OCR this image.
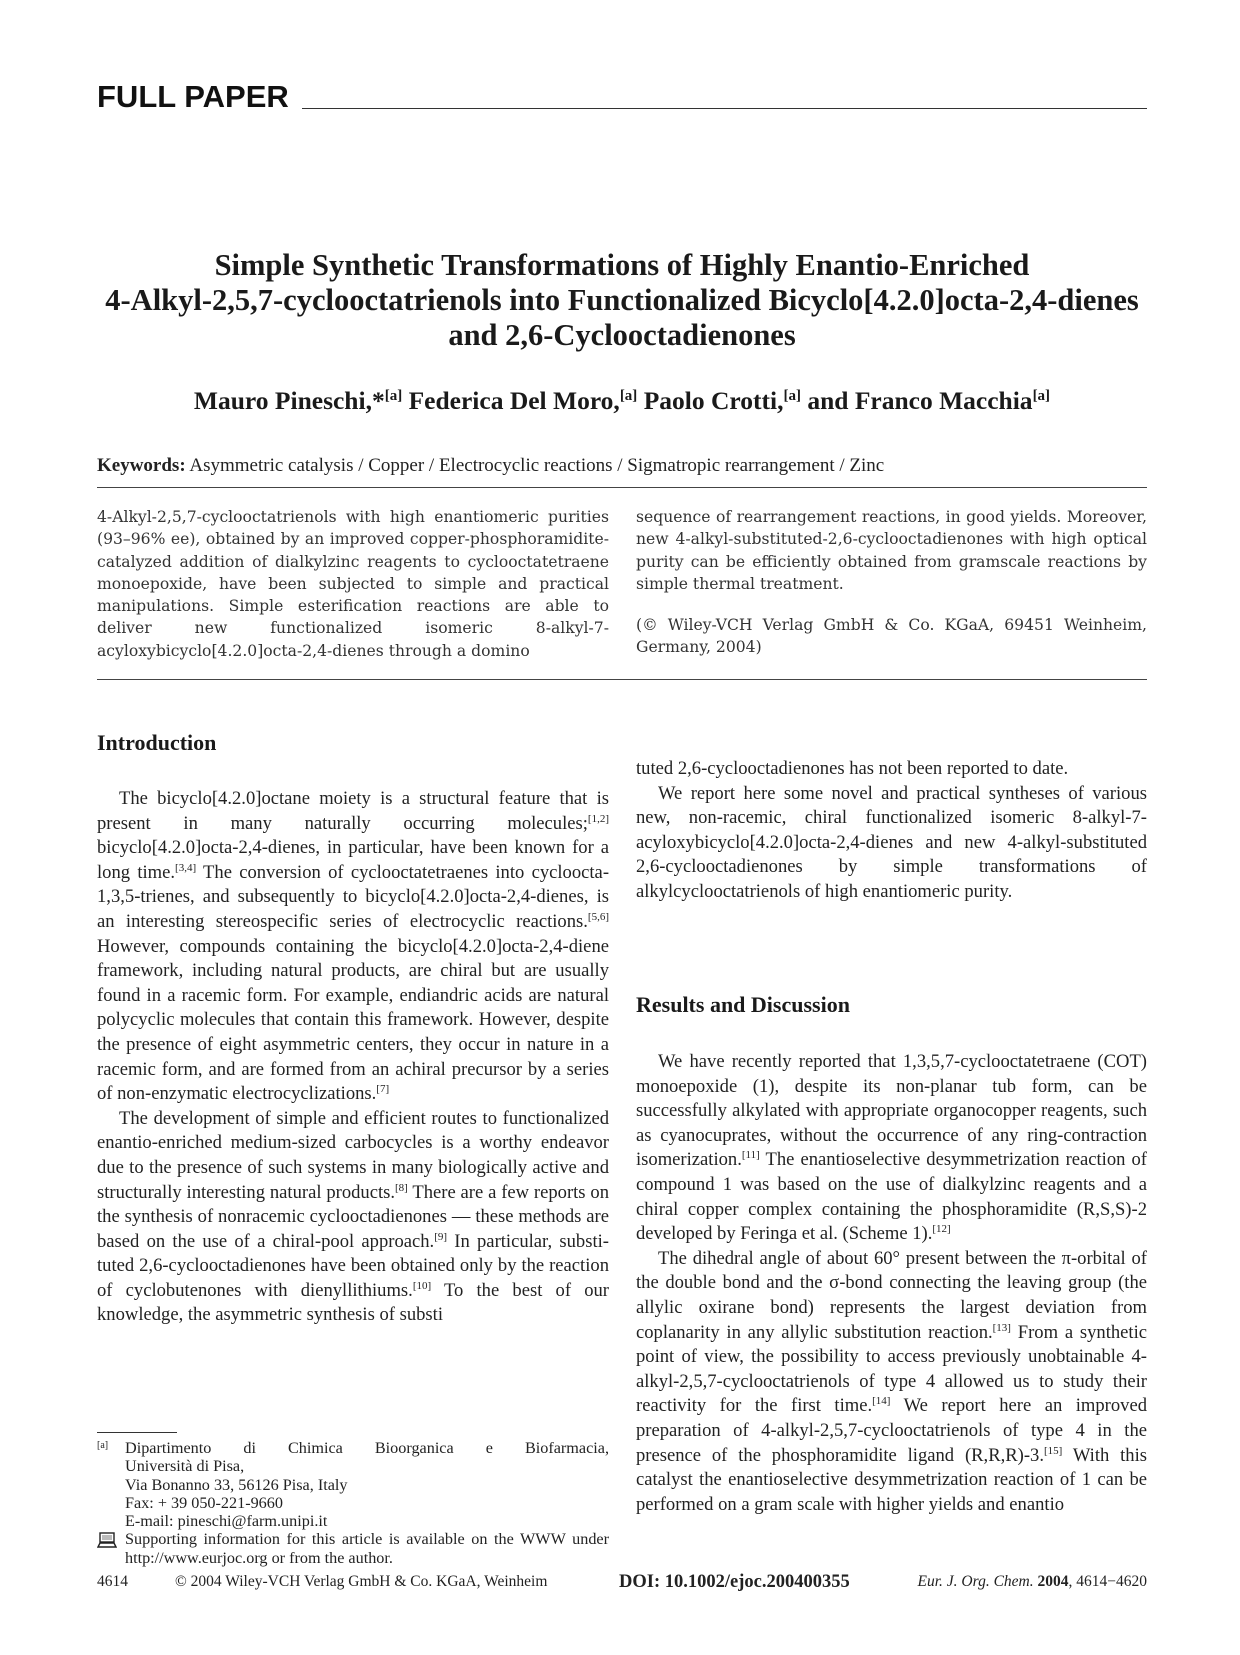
FULL PAPER
Simple Synthetic Transformations of Highly Enantio-Enriched
4-Alkyl-2,5,7-cyclooctatrienols into Functionalized Bicyclo[4.2.0]octa-2,4-dienes
and 2,6-Cyclooctadienones
Mauro Pineschi,*[a] Federica Del Moro,[a] Paolo Crotti,[a] and Franco Macchia[a]
Keywords: Asymmetric catalysis / Copper / Electrocyclic reactions / Sigmatropic rearrangement / Zinc

4-Alkyl-2,5,7-cyclooctatrienols with high enantiomeric purities (93–96% ee), obtained by an improved copper-phosphoramidite-catalyzed addition of dialkylzinc reagents to cyclooctatetraene monoepoxide, have been subjected to simple and practical manipulations. Simple esterification reactions are able to deliver new functionalized isomeric 8-alkyl-7-acyloxybicyclo[4.2.0]octa-2,4-dienes through a domino

sequence of rearrangement reactions, in good yields. Moreover, new 4-alkyl-substituted-2,6-cyclooctadienones with high optical purity can be efficiently obtained from gramscale reactions by simple thermal treatment.

(© Wiley-VCH Verlag GmbH & Co. KGaA, 69451 Weinheim, Germany, 2004)

Introduction

The bicyclo[4.2.0]octane moiety is a structural feature that is present in many naturally occurring molecules;[1,2] bicyclo[4.2.0]octa-2,4-dienes, in particular, have been known for a long time.[3,4] The conversion of cyclooctatetraenes into cycloocta-1,3,5-trienes, and subsequently to bicyclo[4.2.0]octa-2,4-dienes, is an interesting stereospecific series of electrocyclic reactions.[5,6] However, compounds containing the bicyclo[4.2.0]octa-2,4-diene framework, including natural products, are chiral but are usually found in a racemic form. For example, endiandric acids are natural polycyclic molecules that contain this framework. However, despite the presence of eight asymmetric centers, they occur in nature in a racemic form, and are formed from an achiral precursor by a series of non-enzymatic electrocyclizations.[7]

The development of simple and efficient routes to functionalized enantio-enriched medium-sized carbocycles is a worthy endeavor due to the presence of such systems in many biologically active and structurally interesting natural products.[8] There are a few reports on the synthesis of nonracemic cyclooctadienones — these methods are based on the use of a chiral-pool approach.[9] In particular, substituted 2,6-cyclooctadienones have been obtained only by the reaction of cyclobutenones with dienyllithiums.[10] To the best of our knowledge, the asymmetric synthesis of substi

tuted 2,6-cyclooctadienones has not been reported to date.

We report here some novel and practical syntheses of various new, non-racemic, chiral functionalized isomeric 8-alkyl-7-acyloxybicyclo[4.2.0]octa-2,4-dienes and new 4-alkyl-substituted 2,6-cyclooctadienones by simple transformations of alkylcyclooctatrienols of high enantiomeric purity.

Results and Discussion

We have recently reported that 1,3,5,7-cyclooctatetraene (COT) monoepoxide (1), despite its non-planar tub form, can be successfully alkylated with appropriate organocopper reagents, such as cyanocuprates, without the occurrence of any ring-contraction isomerization.[11] The enantioselective desymmetrization reaction of compound 1 was based on the use of dialkylzinc reagents and a chiral copper complex containing the phosphoramidite (R,S,S)-2 developed by Feringa et al. (Scheme 1).[12]

The dihedral angle of about 60° present between the π-orbital of the double bond and the σ-bond connecting the leaving group (the allylic oxirane bond) represents the largest deviation from coplanarity in any allylic substitution reaction.[13] From a synthetic point of view, the possibility to access previously unobtainable 4-alkyl-2,5,7-cyclooctatrienols of type 4 allowed us to study their reactivity for the first time.[14] We report here an improved preparation of 4-alkyl-2,5,7-cyclooctatrienols of type 4 in the presence of the phosphoramidite ligand (R,R,R)-3.[15] With this catalyst the enantioselective desymmetrization reaction of 1 can be performed on a gram scale with higher yields and enantio

[a]	Dipartimento di Chimica Bioorganica e Biofarmacia,
Università di Pisa,
Via Bonanno 33, 56126 Pisa, Italy
Fax: + 39 050-221-9660
E-mail: pineschi@farm.unipi.it
Supporting information for this article is available on the WWW under http://www.eurjoc.org or from the author.
4614	© 2004 Wiley-VCH Verlag GmbH & Co. KGaA, Weinheim	DOI: 10.1002/ejoc.200400355	Eur. J. Org. Chem. 2004, 4614−4620
